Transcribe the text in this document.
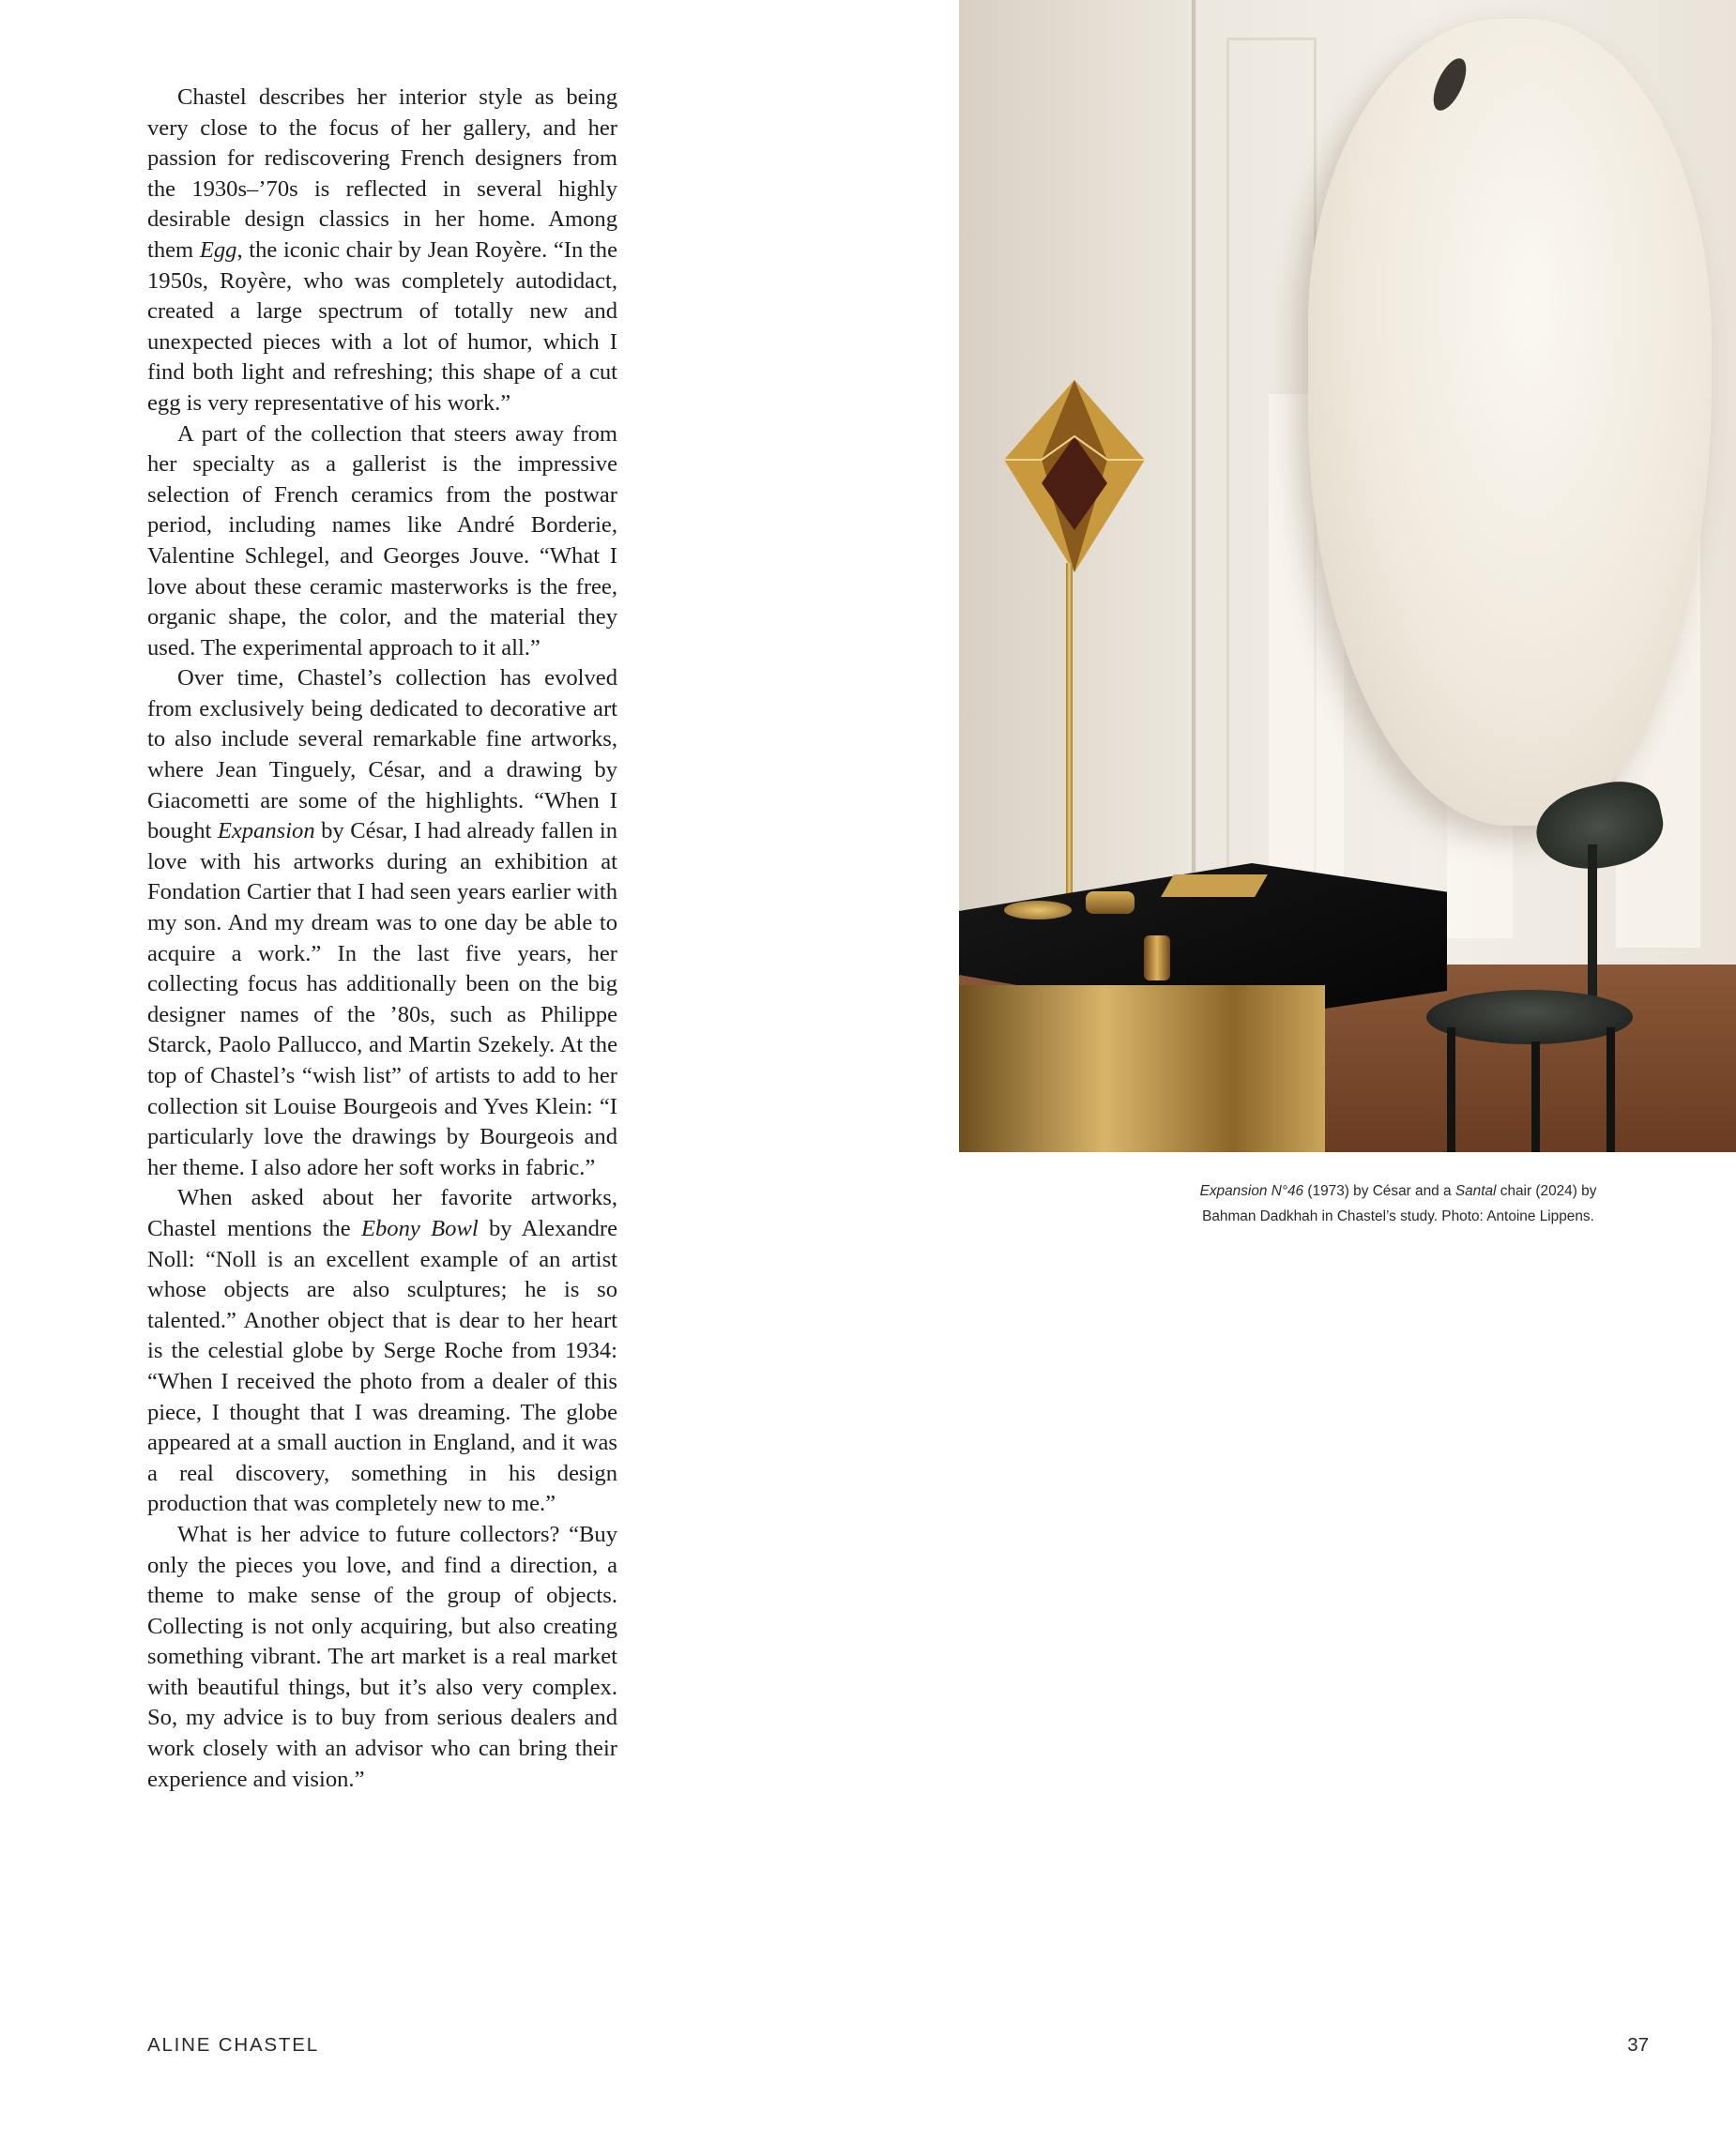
Chastel describes her interior style as being very close to the focus of her gallery, and her passion for rediscovering French designers from the 1930s–’70s is reflected in several highly desirable design classics in her home. Among them Egg, the iconic chair by Jean Royère. “In the 1950s, Royère, who was completely autodidact, created a large spectrum of totally new and unexpected pieces with a lot of humor, which I find both light and refreshing; this shape of a cut egg is very representative of his work.”

A part of the collection that steers away from her specialty as a gallerist is the impressive selection of French ceramics from the postwar period, including names like André Borderie, Valentine Schlegel, and Georges Jouve. “What I love about these ceramic masterworks is the free, organic shape, the color, and the material they used. The experimental approach to it all.”

Over time, Chastel’s collection has evolved from exclusively being dedicated to decorative art to also include several remarkable fine artworks, where Jean Tinguely, César, and a drawing by Giacometti are some of the highlights. “When I bought Expansion by César, I had already fallen in love with his artworks during an exhibition at Fondation Cartier that I had seen years earlier with my son. And my dream was to one day be able to acquire a work.” In the last five years, her collecting focus has additionally been on the big designer names of the ’80s, such as Philippe Starck, Paolo Pallucco, and Martin Szekely. At the top of Chastel’s “wish list” of artists to add to her collection sit Louise Bourgeois and Yves Klein: “I particularly love the drawings by Bourgeois and her theme. I also adore her soft works in fabric.”

When asked about her favorite artworks, Chastel mentions the Ebony Bowl by Alexandre Noll: “Noll is an excellent example of an artist whose objects are also sculptures; he is so talented.” Another object that is dear to her heart is the celestial globe by Serge Roche from 1934: “When I received the photo from a dealer of this piece, I thought that I was dreaming. The globe appeared at a small auction in England, and it was a real discovery, something in his design production that was completely new to me.”

What is her advice to future collectors? “Buy only the pieces you love, and find a direction, a theme to make sense of the group of objects. Collecting is not only acquiring, but also creating something vibrant. The art market is a real market with beautiful things, but it’s also very complex. So, my advice is to buy from serious dealers and work closely with an advisor who can bring their experience and vision.”

Expansion N°46 (1973) by César and a Santal chair (2024) by
Bahman Dadkhah in Chastel’s study. Photo: Antoine Lippens.
ALINE CHASTEL	37
